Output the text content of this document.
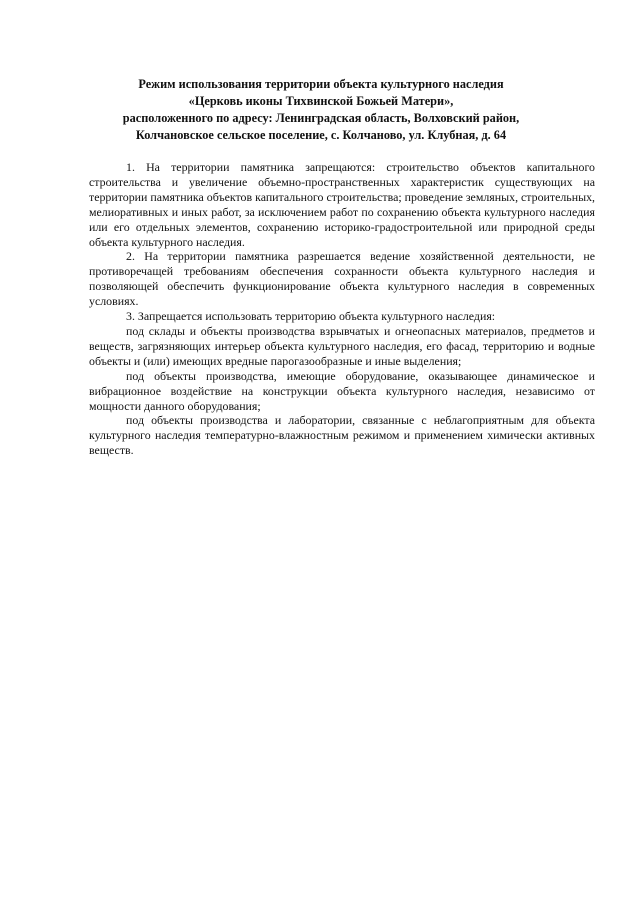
Режим использования территории объекта культурного наследия
«Церковь иконы Тихвинской Божьей Матери»,
расположенного по адресу: Ленинградская область, Волховский район,
Колчановское сельское поселение, с. Колчаново, ул. Клубная, д. 64

1. На территории памятника запрещаются: строительство объектов капитального строительства и увеличение объемно-пространственных характеристик существующих на территории памятника объектов капитального строительства; проведение земляных, строительных, мелиоративных и иных работ, за исключением работ по сохранению объекта культурного наследия или его отдельных элементов, сохранению историко-градостроительной или природной среды объекта культурного наследия.

2. На территории памятника разрешается ведение хозяйственной деятельности, не противоречащей требованиям обеспечения сохранности объекта культурного наследия и позволяющей обеспечить функционирование объекта культурного наследия в современных условиях.

3. Запрещается использовать территорию объекта культурного наследия:

под склады и объекты производства взрывчатых и огнеопасных материалов, предметов и веществ, загрязняющих интерьер объекта культурного наследия, его фасад, территорию и водные объекты и (или) имеющих вредные парогазообразные и иные выделения;

под объекты производства, имеющие оборудование, оказывающее динамическое и вибрационное воздействие на конструкции объекта культурного наследия, независимо от мощности данного оборудования;

под объекты производства и лаборатории, связанные с неблагоприятным для объекта культурного наследия температурно-влажностным режимом и применением химически активных веществ.
